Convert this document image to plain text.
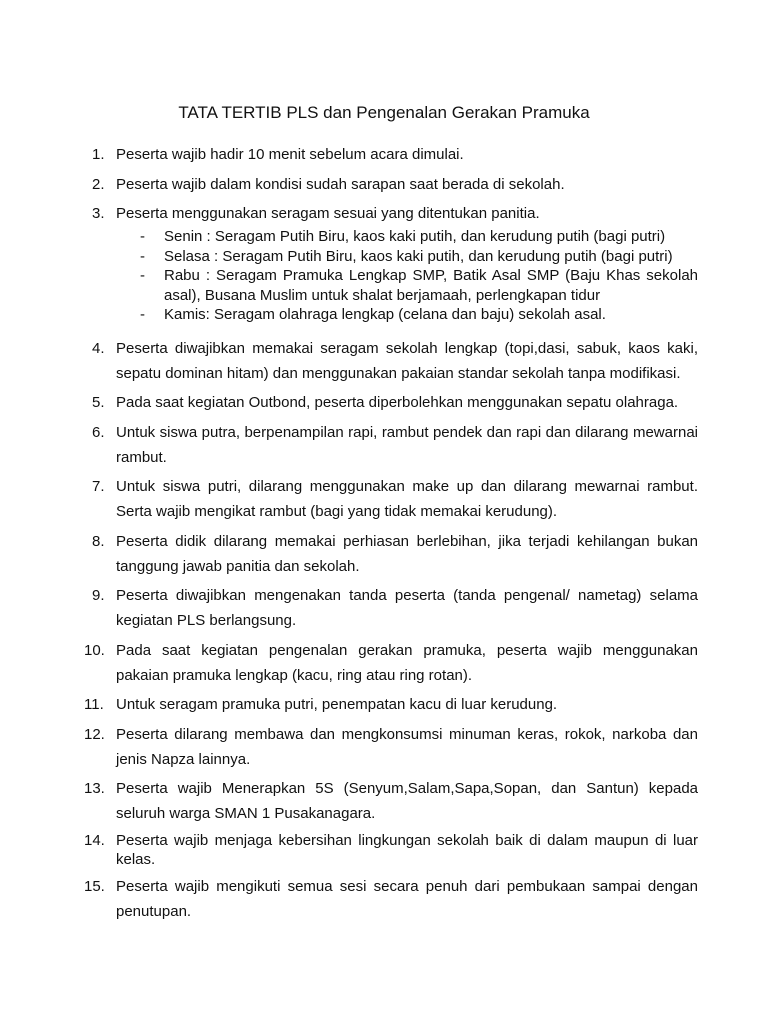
TATA TERTIB PLS dan Pengenalan Gerakan Pramuka
1. Peserta wajib hadir 10 menit sebelum acara dimulai.
2. Peserta wajib dalam kondisi sudah sarapan saat berada di sekolah.
3. Peserta menggunakan seragam sesuai yang ditentukan panitia.
- Senin : Seragam Putih Biru, kaos kaki putih, dan kerudung putih (bagi putri)
- Selasa : Seragam Putih Biru, kaos kaki putih, dan kerudung putih (bagi putri)
- Rabu : Seragam Pramuka Lengkap SMP, Batik Asal SMP (Baju Khas sekolah asal), Busana Muslim untuk shalat berjamaah, perlengkapan tidur
- Kamis: Seragam olahraga lengkap (celana dan baju) sekolah asal.
4. Peserta diwajibkan memakai seragam sekolah lengkap (topi,dasi, sabuk, kaos kaki, sepatu dominan hitam) dan menggunakan pakaian standar sekolah tanpa modifikasi.
5. Pada saat kegiatan Outbond, peserta diperbolehkan menggunakan sepatu olahraga.
6. Untuk siswa putra, berpenampilan rapi, rambut pendek dan rapi dan dilarang mewarnai rambut.
7. Untuk siswa putri, dilarang menggunakan make up dan dilarang mewarnai rambut. Serta wajib mengikat rambut (bagi yang tidak memakai kerudung).
8. Peserta didik dilarang memakai perhiasan berlebihan, jika terjadi kehilangan bukan tanggung jawab panitia dan sekolah.
9. Peserta diwajibkan mengenakan tanda peserta (tanda pengenal/ nametag) selama kegiatan PLS berlangsung.
10. Pada saat kegiatan pengenalan gerakan pramuka, peserta wajib menggunakan pakaian pramuka lengkap (kacu, ring atau ring rotan).
11. Untuk seragam pramuka putri, penempatan kacu di luar kerudung.
12. Peserta dilarang membawa dan mengkonsumsi minuman keras, rokok, narkoba dan jenis Napza lainnya.
13. Peserta wajib Menerapkan 5S (Senyum,Salam,Sapa,Sopan, dan Santun) kepada seluruh warga SMAN 1 Pusakanagara.
14. Peserta wajib menjaga kebersihan lingkungan sekolah baik di dalam maupun di luar kelas.
15. Peserta wajib mengikuti semua sesi secara penuh dari pembukaan sampai dengan penutupan.
